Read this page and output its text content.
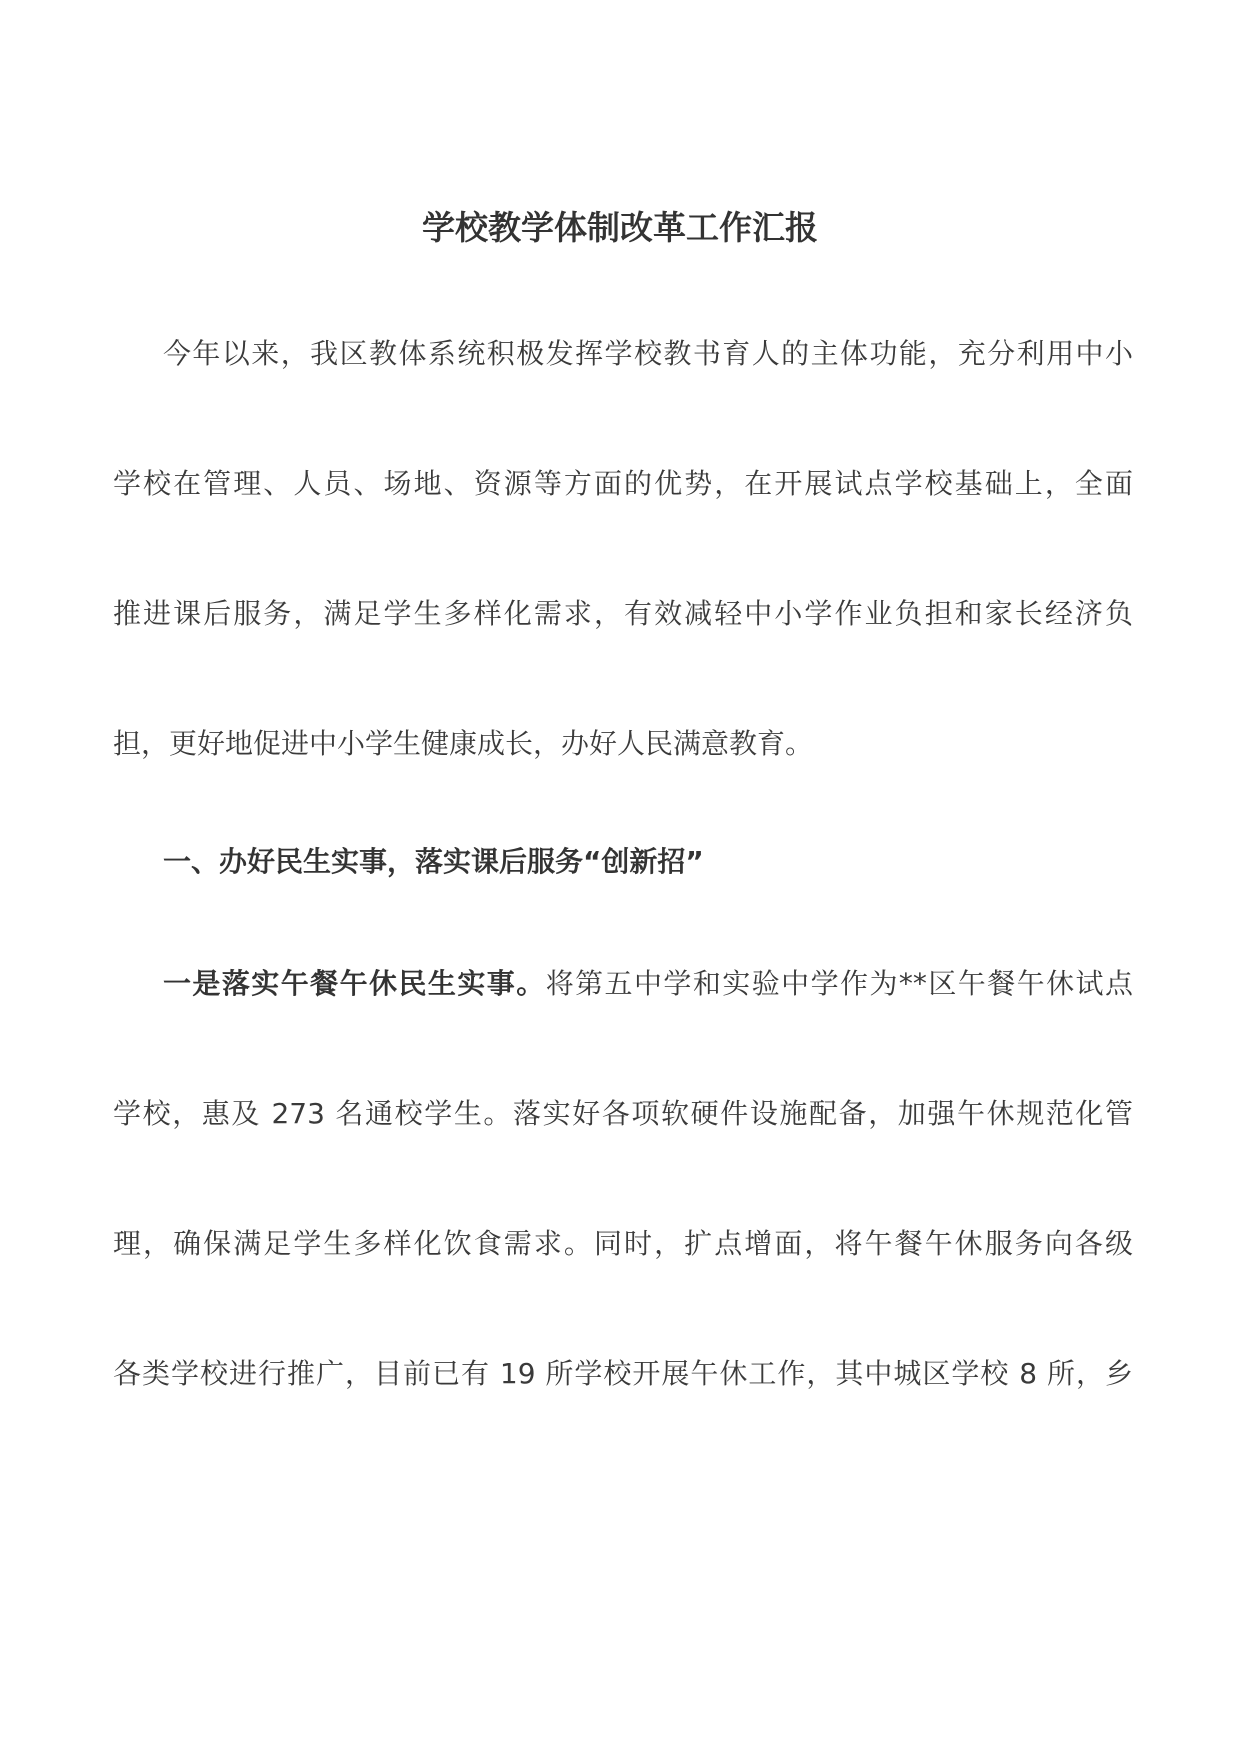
学校教学体制改革工作汇报
今年以来，我区教体系统积极发挥学校教书育人的主体功能，充分利用中小
学校在管理、人员、场地、资源等方面的优势，在开展试点学校基础上，全面
推进课后服务，满足学生多样化需求，有效减轻中小学作业负担和家长经济负
担，更好地促进中小学生健康成长，办好人民满意教育。
一、办好民生实事，落实课后服务“创新招”
一是落实午餐午休民生实事。将第五中学和实验中学作为**区午餐午休试点
学校，惠及 273 名通校学生。落实好各项软硬件设施配备，加强午休规范化管
理，确保满足学生多样化饮食需求。同时，扩点增面，将午餐午休服务向各级
各类学校进行推广，目前已有 19 所学校开展午休工作，其中城区学校 8 所，乡
